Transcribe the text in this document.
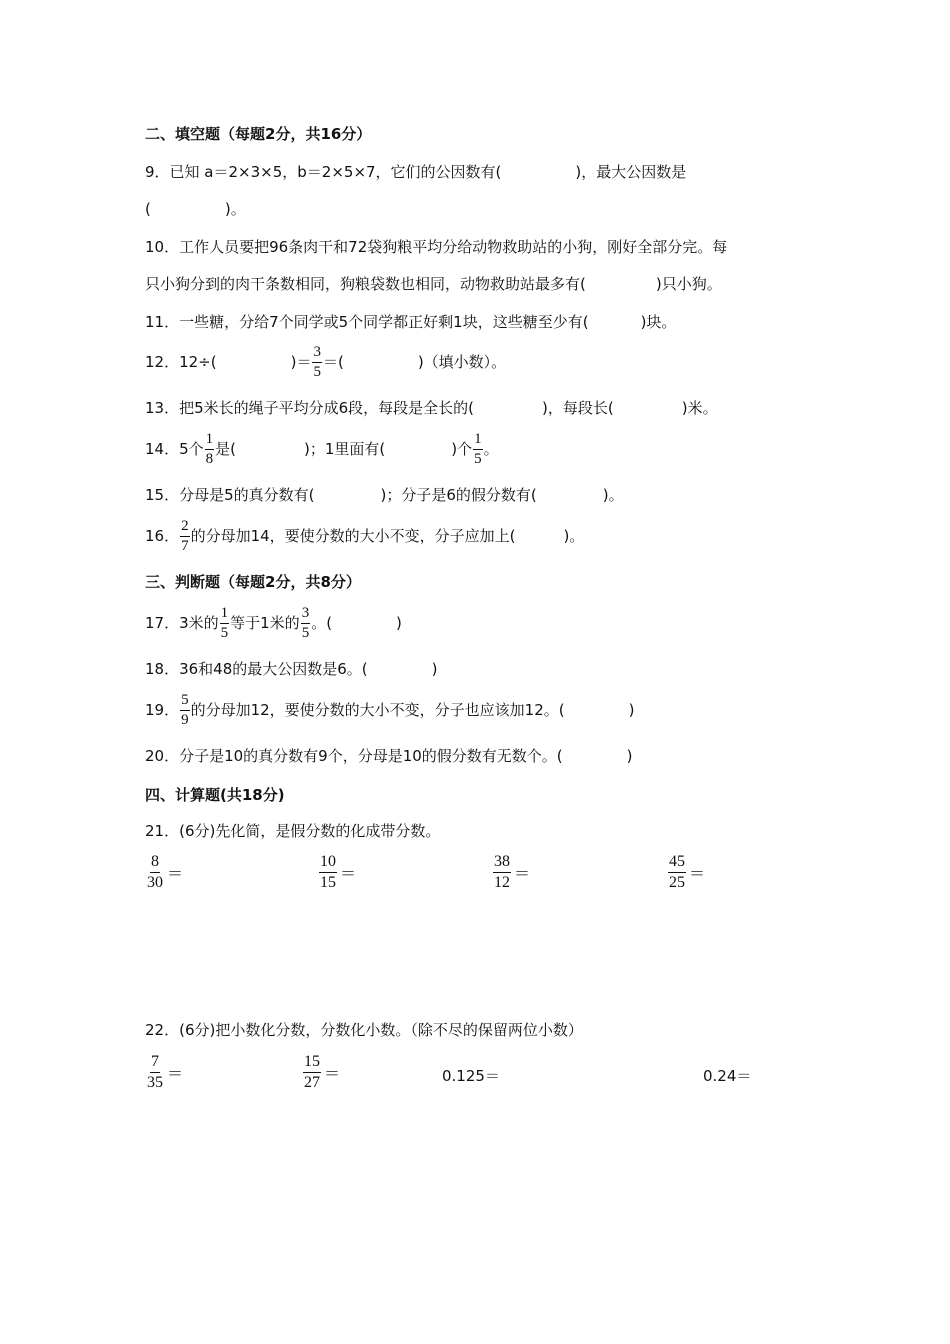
二、填空题（每题2分，共16分）
9．已知 a＝2×3×5，b＝2×5×7，它们的公因数有(	)，最大公因数是
(	)。
10．工作人员要把96条肉干和72袋狗粮平均分给动物救助站的小狗，刚好全部分完。每
只小狗分到的肉干条数相同，狗粮袋数也相同，动物救助站最多有(	)只小狗。
11．一些糖，分给7个同学或5个同学都正好剩1块，这些糖至少有(	)块。
12．12÷(	)＝ $\frac{3}{5}$ ＝(	)（填小数）。
13．把5米长的绳子平均分成6段，每段是全长的(	)，每段长(	)米。
14．5个 $\frac{1}{8}$ 是(	)；1里面有(	)个 $\frac{1}{5}$ 。
15．分母是5的真分数有(	)；分子是6的假分数有(	)。
16． $\frac{2}{7}$ 的分母加14，要使分数的大小不变，分子应加上(	)。
三、判断题（每题2分，共8分）
17．3米的 $\frac{1}{5}$ 等于1米的 $\frac{3}{5}$ 。(	)
18．36和48的最大公因数是6。(	)
19． $\frac{5}{9}$ 的分母加12，要使分数的大小不变，分子也应该加12。(	)
20．分子是10的真分数有9个，分母是10的假分数有无数个。(	)
四、计算题(共18分)
21．(6分)先化简，是假分数的化成带分数。
8
30 ＝
10
15 ＝
38
12 ＝
45
25 ＝
22．(6分)把小数化分数，分数化小数。（除不尽的保留两位小数）
7
35 ＝
15
27 ＝	0.125＝	0.24＝
